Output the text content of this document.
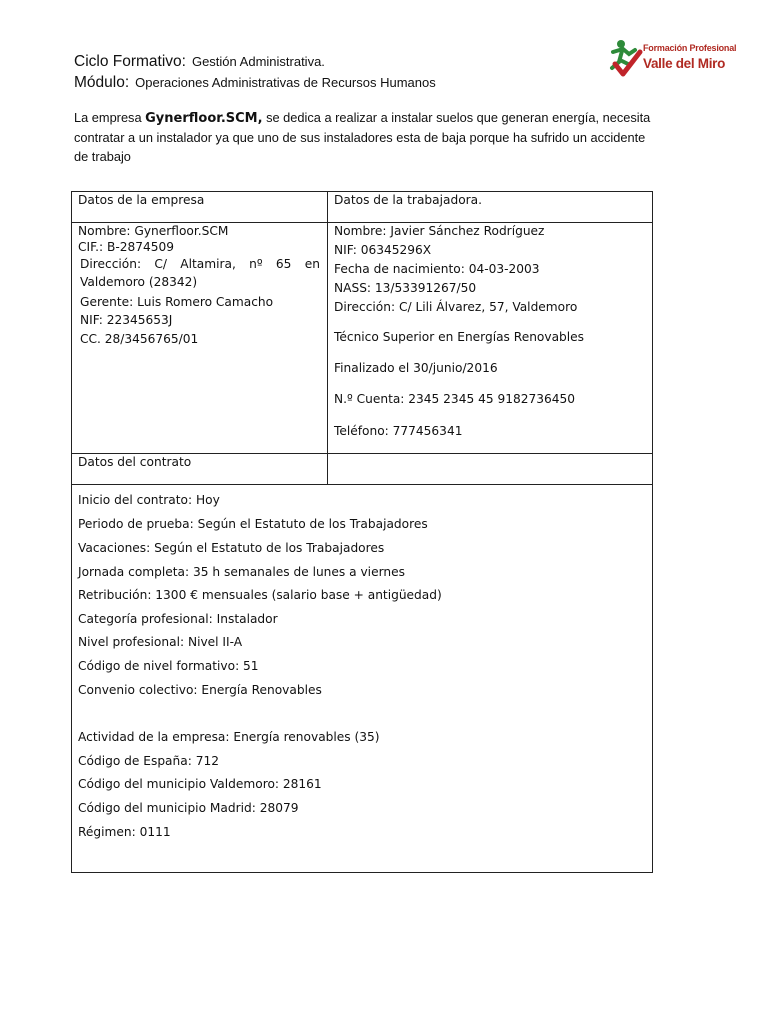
Ciclo Formativo: Gestión Administrativa.
Módulo: Operaciones Administrativas de Recursos Humanos
Formación Profesional
Valle del Miro
La empresa Gynerfloor.SCM, se dedica a realizar a instalar suelos que generan energía, necesita
contratar a un instalador ya que uno de sus instaladores esta de baja porque ha sufrido un accidente
de trabajo
Datos de la empresa	Datos de la trabajadora.
Nombre: Gynerfloor.SCM
CIF.: B-2874509
Dirección: C/ Altamira, nº 65 en
Valdemoro (28342)
Gerente: Luis Romero Camacho
NIF: 22345653J
CC. 28/3456765/01
Nombre: Javier Sánchez Rodríguez
NIF: 06345296X
Fecha de nacimiento: 04-03-2003
NASS: 13/53391267/50
Dirección: C/ Lili Álvarez, 57, Valdemoro
Técnico Superior en Energías Renovables
Finalizado el 30/junio/2016
N.º Cuenta: 2345 2345 45 9182736450
Teléfono: 777456341
Datos del contrato
Inicio del contrato: Hoy
Periodo de prueba: Según el Estatuto de los Trabajadores
Vacaciones: Según el Estatuto de los Trabajadores
Jornada completa: 35 h semanales de lunes a viernes
Retribución: 1300 € mensuales (salario base + antigüedad)
Categoría profesional: Instalador
Nivel profesional: Nivel II-A
Código de nivel formativo: 51
Convenio colectivo: Energía Renovables
Actividad de la empresa: Energía renovables (35)
Código de España: 712
Código del municipio Valdemoro: 28161
Código del municipio Madrid: 28079
Régimen: 0111
